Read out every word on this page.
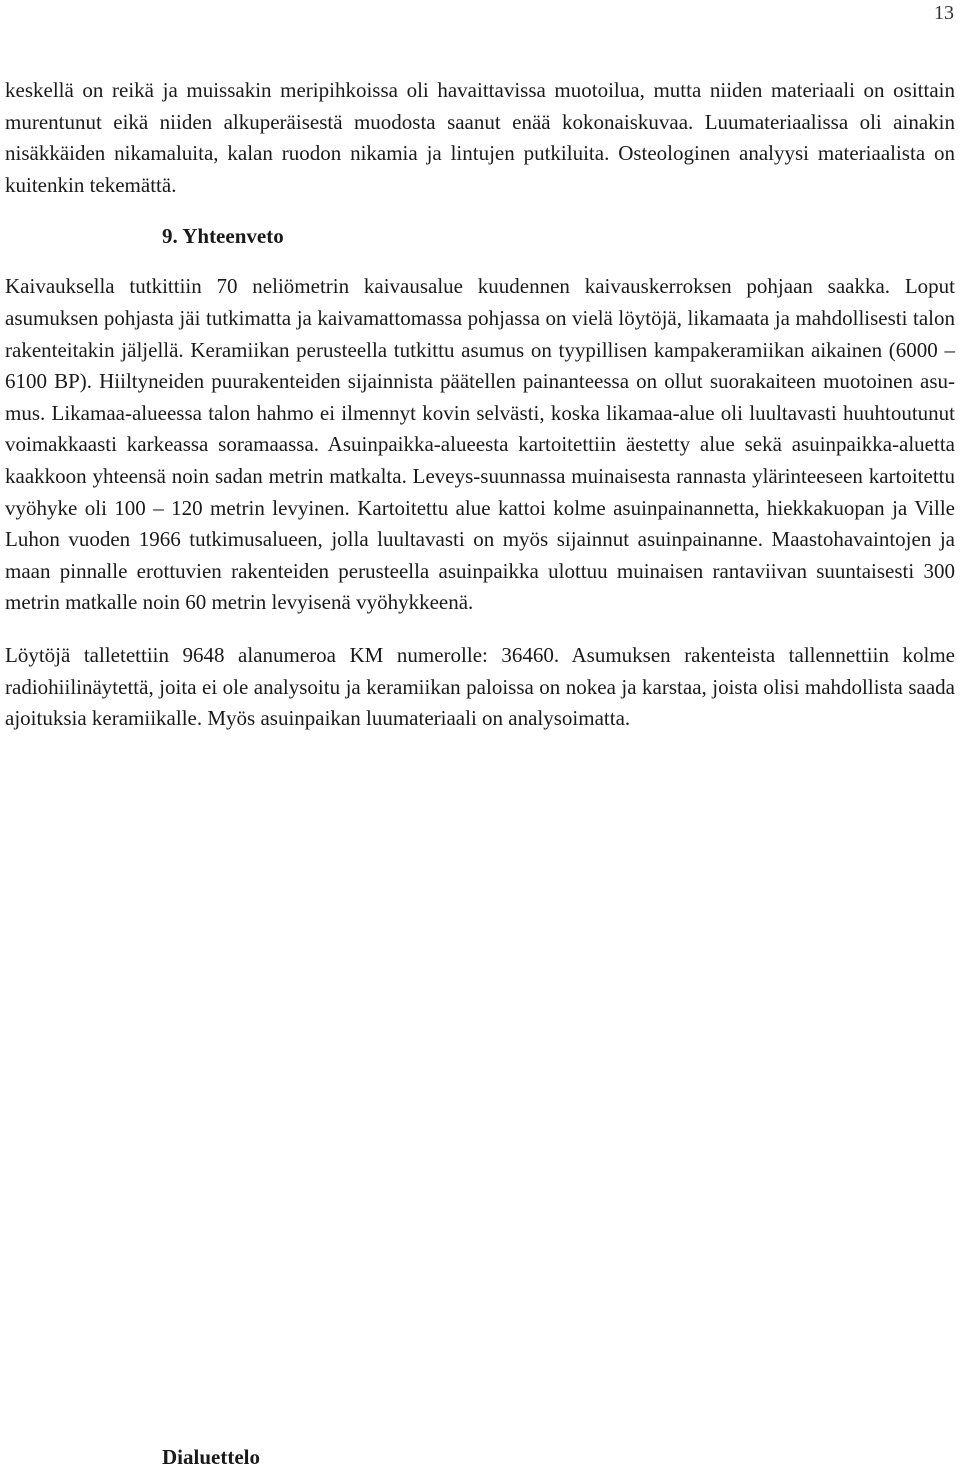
13

keskellä on reikä ja muissakin meripihkoissa oli havaittavissa muotoilua, mutta niiden materiaali on osittain murentunut eikä niiden alkuperäisestä muodosta saanut enää kokonaiskuvaa. Luumateriaalissa oli ainakin nisäkkäiden nikamaluita, kalan ruodon nikamia ja lintujen putkiluita. Osteologinen analyysi materiaalista on kuitenkin tekemättä.

9. Yhteenveto

Kaivauksella tutkittiin 70 neliömetrin kaivausalue kuudennen kaivauskerroksen pohjaan saakka. Loput asumuksen pohjasta jäi tutkimatta ja kaivamattomassa pohjassa on vielä löytöjä, likamaata ja mahdollisesti talon rakenteitakin jäljellä. Keramiikan perusteella tutkittu asumus on tyypillisen kampakeramiikan aikainen (6000 – 6100 BP). Hiiltyneiden puurakenteiden sijainnista päätellen painanteessa on ollut suorakaiteen muotoinen asumus. Likamaa-alueessa talon hahmo ei ilmennyt kovin selvästi, koska likamaa-alue oli luultavasti huuhtoutunut voimakkaasti karkeassa soramaassa. Asuinpaikka-alueesta kartoitettiin äestetty alue sekä asuinpaikka-aluetta kaakkoon yhteensä noin sadan metrin matkalta. Leveys-suunnassa muinaisesta rannasta ylärinteeseen kartoitettu vyöhyke oli 100 – 120 metrin levyinen. Kartoitettu alue kattoi kolme asuinpainannetta, hiekkakuopan ja Ville Luhon vuoden 1966 tutkimusalueen, jolla luultavasti on myös sijainnut asuinpainanne. Maastohavaintojen ja maan pinnalle erottuvien rakenteiden perusteella asuinpaikka ulottuu muinaisen rantaviivan suuntaisesti 300 metrin matkalle noin 60 metrin levyisenä vyöhykkeenä.

Löytöjä talletettiin 9648 alanumeroa KM numerolle: 36460. Asumuksen rakenteista tallennettiin kolme radiohiilinäytettä, joita ei ole analysoitu ja keramiikan paloissa on nokea ja karstaa, joista olisi mahdollista saada ajoituksia keramiikalle. Myös asuinpaikan luumateriaali on analysoimatta.

Dialuettelo
